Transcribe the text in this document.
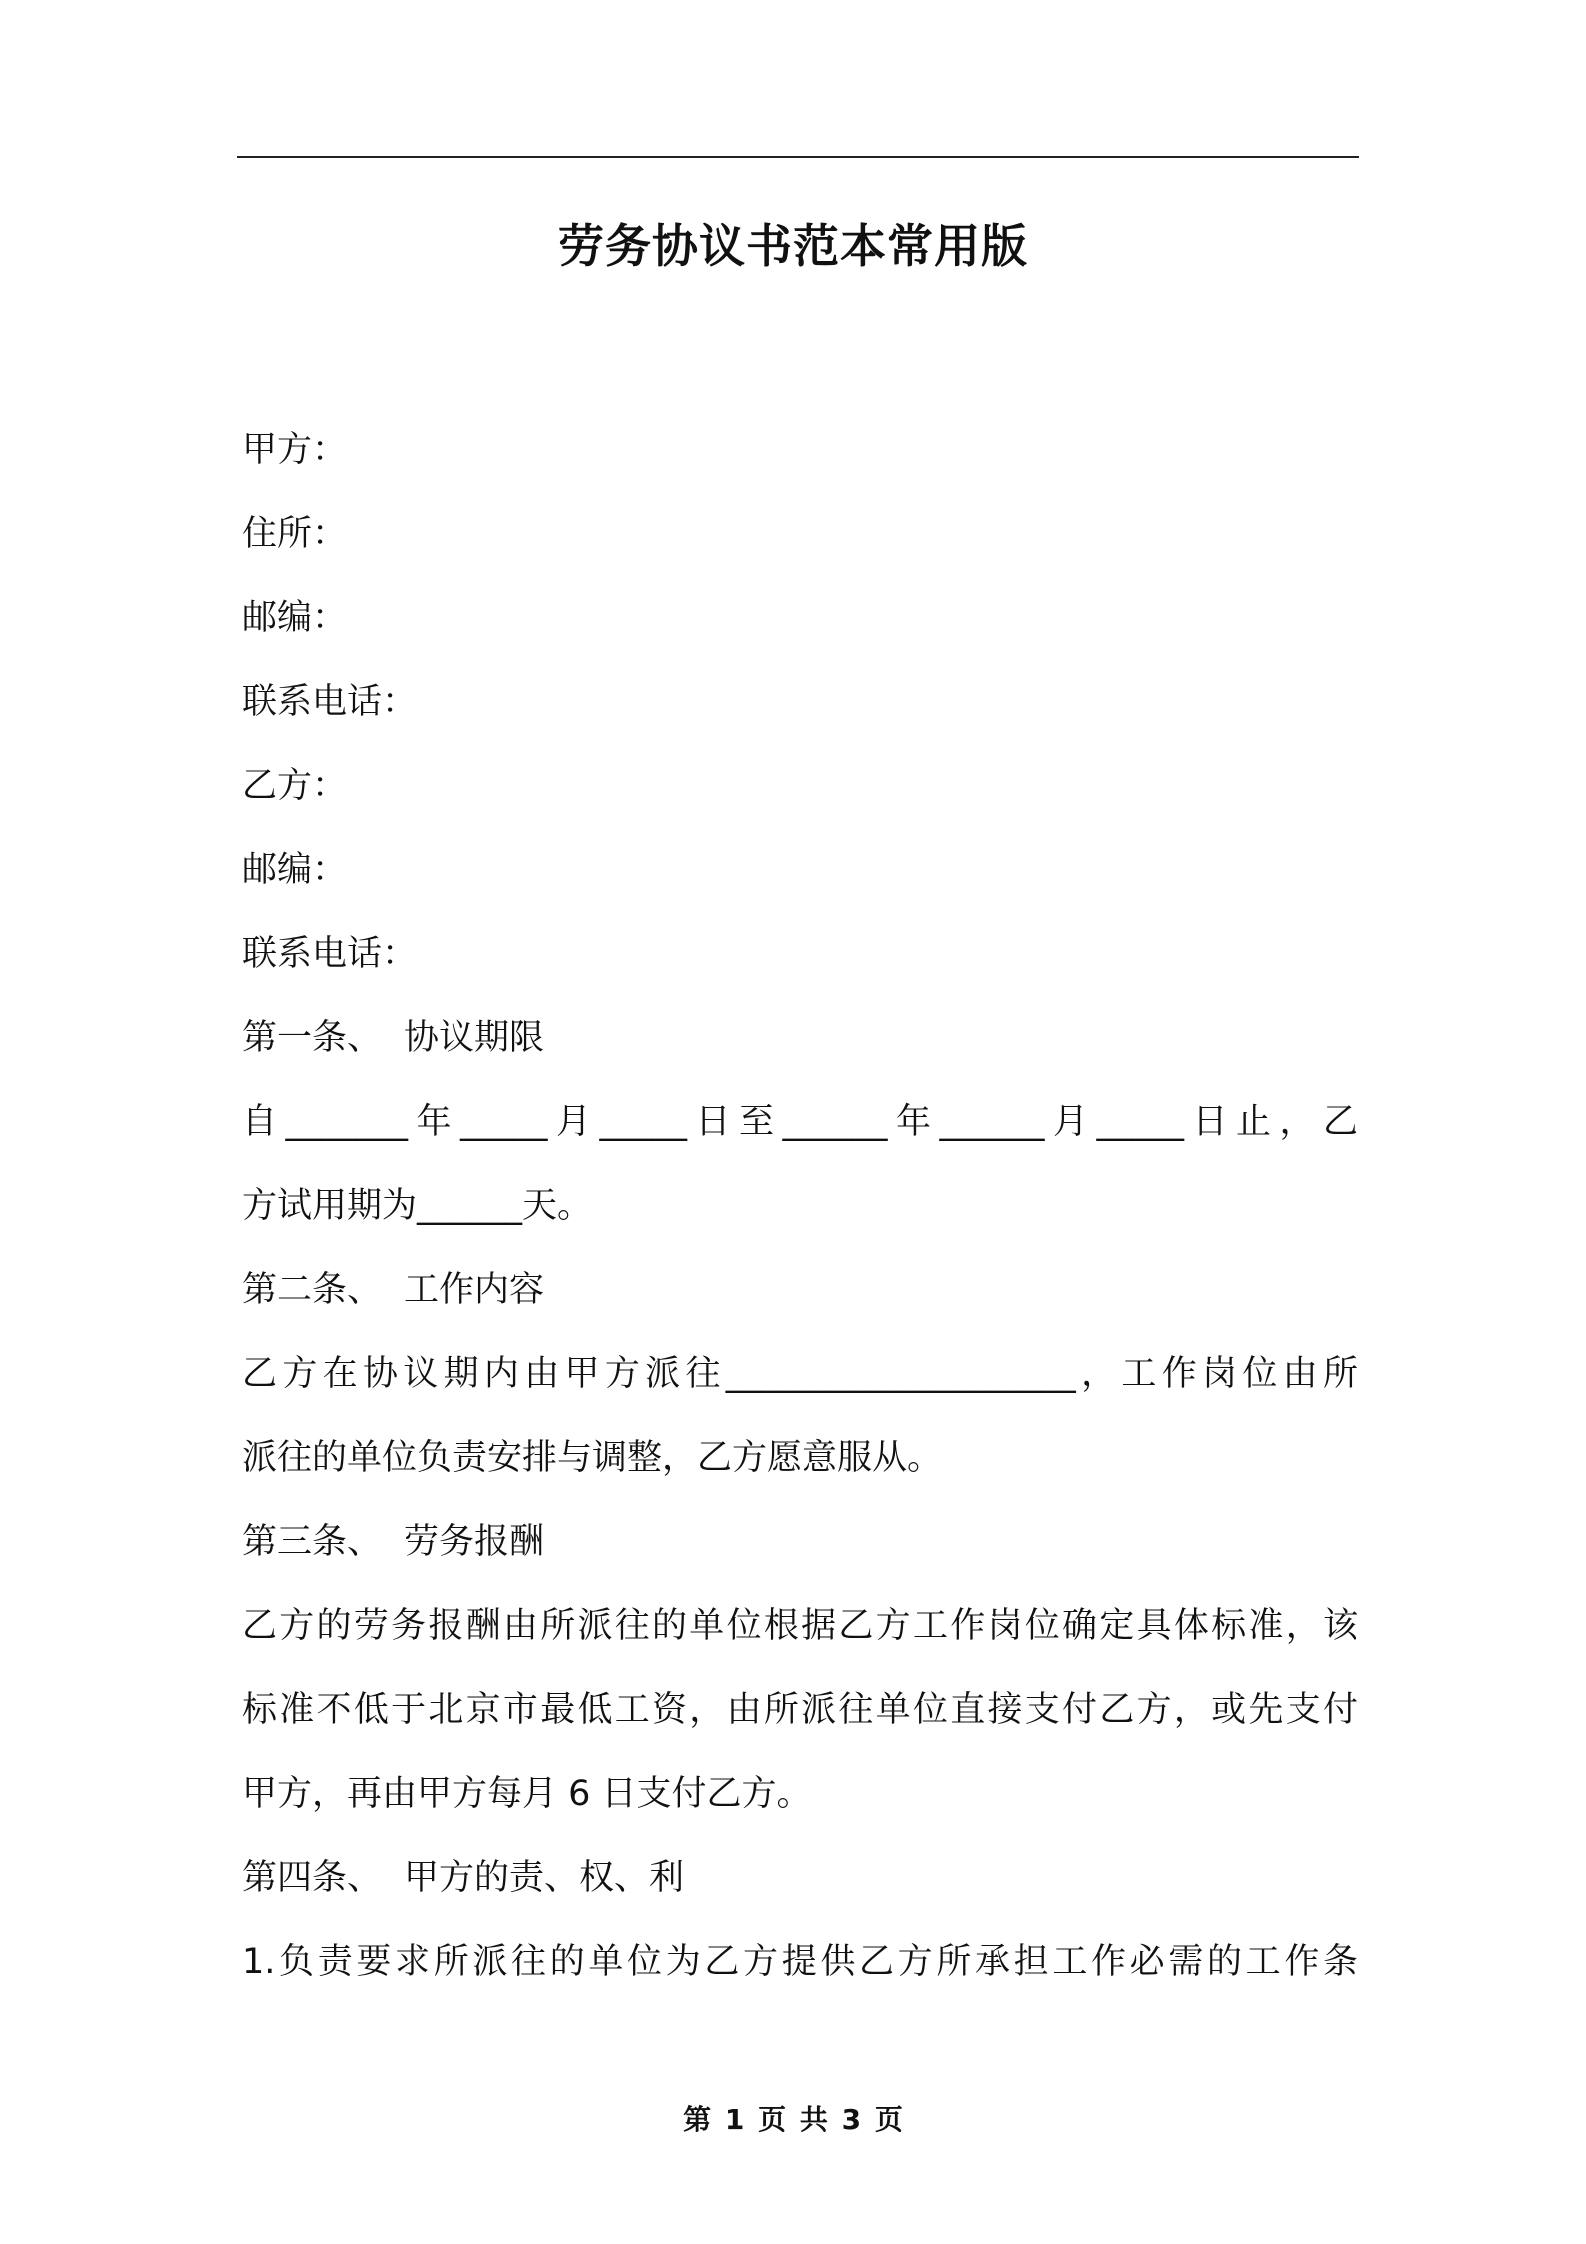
劳务协议书范本常用版
甲方：
住所：
邮编：
联系电话：
乙方：
邮编：
联系电话：
第一条、 协议期限
自_______年_____月_____日至______年______月_____日止，乙
方试用期为______天。
第二条、 工作内容
乙方在协议期内由甲方派往____________________，工作岗位由所
派往的单位负责安排与调整，乙方愿意服从。
第三条、 劳务报酬
乙方的劳务报酬由所派往的单位根据乙方工作岗位确定具体标准，该
标准不低于北京市最低工资，由所派往单位直接支付乙方，或先支付
甲方，再由甲方每月 6 日支付乙方。
第四条、 甲方的责、权、利
1.负责要求所派往的单位为乙方提供乙方所承担工作必需的工作条
第 1 页 共 3 页
